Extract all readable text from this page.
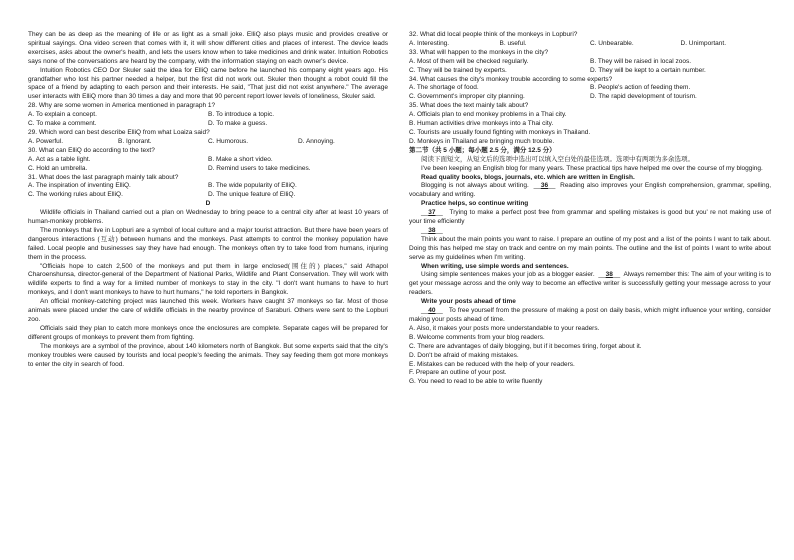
They can be as deep as the meaning of life or as light as a small joke. ElliQ also plays music and provides creative or spiritual sayings. Ona video screen that comes with it, it will show different cities and places of interest. The device leads exercises, asks about the owner's health, and lets the users know when to take medicines and drink water. Intuition Robotics says none of the conversations are heard by the company, with the information staying on each owner's device.

Intuition Robotics CEO Dor Skuler said the idea for ElliQ came before he launched his company eight years ago. His grandfather who lost his partner needed a helper, but the first did not work out. Skuler then thought a robot could fill the space of a friend by adapting to each person and their interests. He said, "That just did not exist anywhere." The average user interacts with ElliQ more than 30 times a day and more that 90 percent report lower levels of loneliness, Skuler said.

28. Why are some women in America mentioned in paragraph 1?

A. To explain a concept.	B. To introduce a topic.
C. To make a comment.	D. To make a guess.

29. Which word can best describe ElliQ from what Loaiza said?

A. Powerful.	B. Ignorant.	C. Humorous.	D. Annoying.

30. What can ElliQ do according to the text?

A. Act as a table light.	B. Make a short video.
C. Hold an umbrella.	D. Remind users to take medicines.

31. What does the last paragraph mainly talk about?

A. The inspiration of inventing ElliQ.	B. The wide popularity of ElliQ.
C. The working rules about ElliQ.	D. The unique feature of ElliQ.

D

Wildlife officials in Thailand carried out a plan on Wednesday to bring peace to a central city after at least 10 years of human-monkey problems.

The monkeys that live in Lopburi are a symbol of local culture and a major tourist attraction. But there have been years of dangerous interactions (互动) between humans and the monkeys. Past attempts to control the monkey population have failed. Local people and businesses say they have had enough. The monkeys often try to take food from humans, injuring them in the process.

"Officials hope to catch 2,500 of the monkeys and put them in large enclosed(围住的) places," said Athapol Charoenshunsa, director-general of the Department of National Parks, Wildlife and Plant Conservation. They will work with wildlife experts to find a way for a limited number of monkeys to stay in the city. "I don't want humans to have to hurt monkeys, and I don't want monkeys to have to hurt humans," he told reporters in Bangkok.

An official monkey-catching project was launched this week. Workers have caught 37 monkeys so far. Most of those animals were placed under the care of wildlife officials in the nearby province of Saraburi. Others were sent to the Lopburi zoo.

Officials said they plan to catch more monkeys once the enclosures are complete. Separate cages will be prepared for different groups of monkeys to prevent them from fighting.

The monkeys are a symbol of the province, about 140 kilometers north of Bangkok. But some experts said that the city's monkey troubles were caused by tourists and local people's feeding the animals. They say feeding them got more monkeys to enter the city in search of food.

32. What did local people think of the monkeys in Lopburi?

A. Interesting.	B. useful.	C. Unbearable.	D. Unimportant.

33. What will happen to the monkeys in the city?

A. Most of them will be checked regularly.	B. They will be raised in local zoos.
C. They will be trained by experts.	D. They will be kept to a certain number.

34. What causes the city's monkey trouble according to some experts?

A. The shortage of food.	B. People's action of feeding them.
C. Government's improper city planning.	D. The rapid development of tourism.

35. What does the text mainly talk about?

A. Officials plan to end monkey problems in a Thai city.

B. Human activities drive monkeys into a Thai city.

C. Tourists are usually found fighting with monkeys in Thailand.

D. Monkeys in Thailand are bringing much trouble.

第二节（共 5 小题；每小题 2.5 分，满分 12.5 分）

阅读下面短文，从短文后的选项中选出可以填入空白处的最佳选项。选项中有两项为多余选项。

I've been keeping an English blog for many years. These practical tips have helped me over the course of my blogging.

Read quality books, blogs, journals, etc. which are written in English.

Blogging is not always about writing.  __36__  Reading also improves your English comprehension, grammar, spelling, vocabulary and writing.

Practice helps, so continue writing

__37__   Trying to make a perfect post free from grammar and spelling mistakes is good but you' re not making use of your time efficiently

__38__

Think about the main points you want to raise. I prepare an outline of my post and a list of the points I want to talk about. Doing this has helped me stay on track and centre on my main points. The outline and the list of points I want to write about serve as my guidelines when I'm writing.

When writing, use simple words and sentences.

Using simple sentences makes your job as a blogger easier.  __38__  Always remember this: The aim of your writing is to get your message across and the only way to become an effective writer is successfully getting your message across to your readers.

Write your posts ahead of time

__40__   To free yourself from the pressure of making a post on daily basis, which might influence your writing, consider making your posts ahead of time.

A. Also, it makes your posts more understandable to your readers.

B. Welcome comments from your blog readers.

C. There are advantages of daily blogging, but if it becomes tiring, forget about it.

D. Don't be afraid of making mistakes.

E. Mistakes can be reduced with the help of your readers.

F. Prepare an outline of your post.

G. You need to read to be able to write fluently
